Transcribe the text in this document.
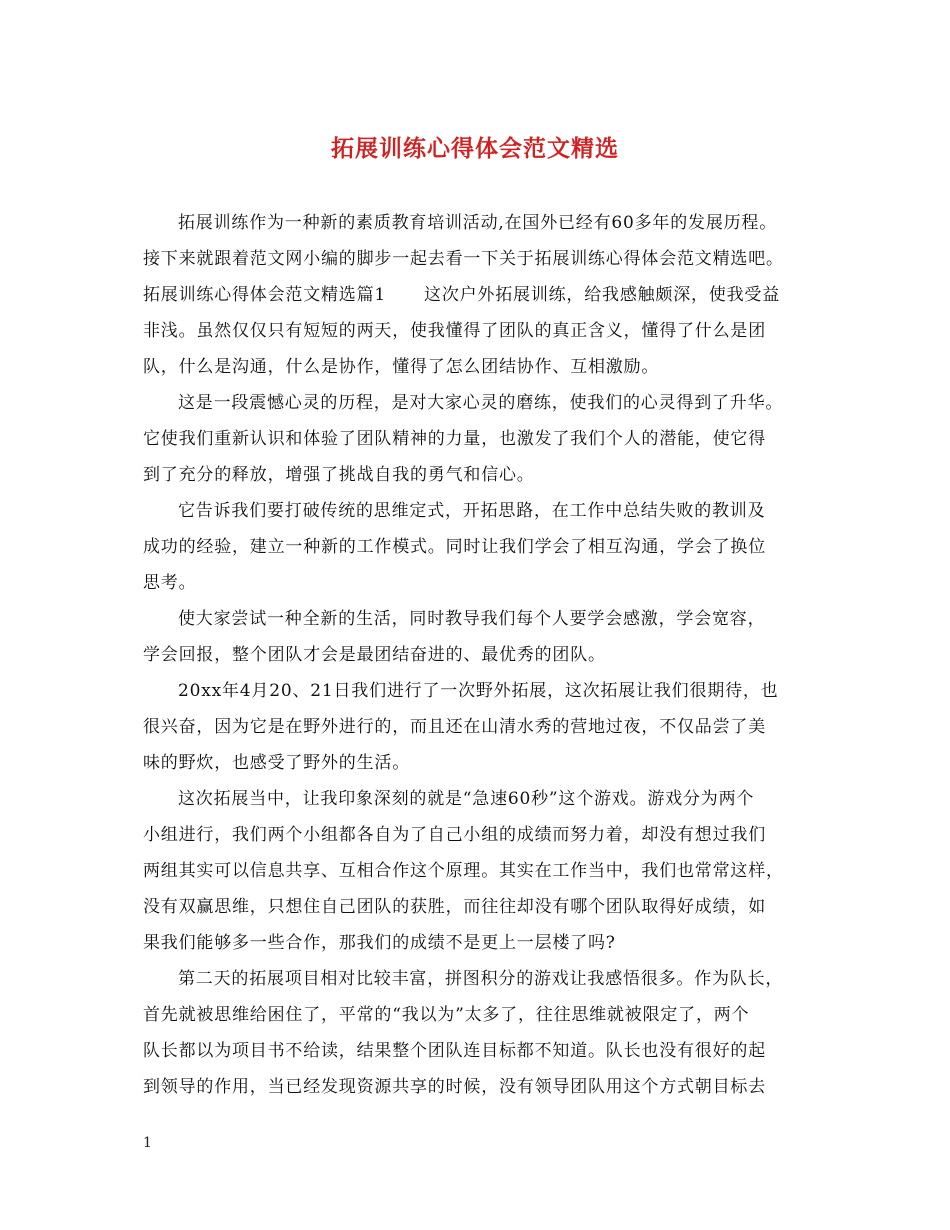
拓展训练心得体会范文精选
拓展训练作为一种新的素质教育培训活动,在国外已经有60多年的发展历程。
接下来就跟着范文网小编的脚步一起去看一下关于拓展训练心得体会范文精选吧。
拓展训练心得体会范文精选篇1 这次户外拓展训练，给我感触颇深，使我受益
非浅。虽然仅仅只有短短的两天，使我懂得了团队的真正含义，懂得了什么是团
队，什么是沟通，什么是协作，懂得了怎么团结协作、互相激励。
这是一段震憾心灵的历程，是对大家心灵的磨练，使我们的心灵得到了升华。
它使我们重新认识和体验了团队精神的力量，也激发了我们个人的潜能，使它得
到了充分的释放，增强了挑战自我的勇气和信心。
它告诉我们要打破传统的思维定式，开拓思路，在工作中总结失败的教训及
成功的经验，建立一种新的工作模式。同时让我们学会了相互沟通，学会了换位
思考。
使大家尝试一种全新的生活，同时教导我们每个人要学会感激，学会宽容，
学会回报，整个团队才会是最团结奋进的、最优秀的团队。
20xx年4月20、21日我们进行了一次野外拓展，这次拓展让我们很期待，也
很兴奋，因为它是在野外进行的，而且还在山清水秀的营地过夜，不仅品尝了美
味的野炊，也感受了野外的生活。
这次拓展当中，让我印象深刻的就是“急速60秒”这个游戏。游戏分为两个
小组进行，我们两个小组都各自为了自己小组的成绩而努力着，却没有想过我们
两组其实可以信息共享、互相合作这个原理。其实在工作当中，我们也常常这样，
没有双赢思维，只想住自己团队的获胜，而往往却没有哪个团队取得好成绩，如
果我们能够多一些合作，那我们的成绩不是更上一层楼了吗?
第二天的拓展项目相对比较丰富，拼图积分的游戏让我感悟很多。作为队长，
首先就被思维给困住了，平常的“我以为”太多了，往往思维就被限定了，两个
队长都以为项目书不给读，结果整个团队连目标都不知道。队长也没有很好的起
到领导的作用，当已经发现资源共享的时候，没有领导团队用这个方式朝目标去
1
